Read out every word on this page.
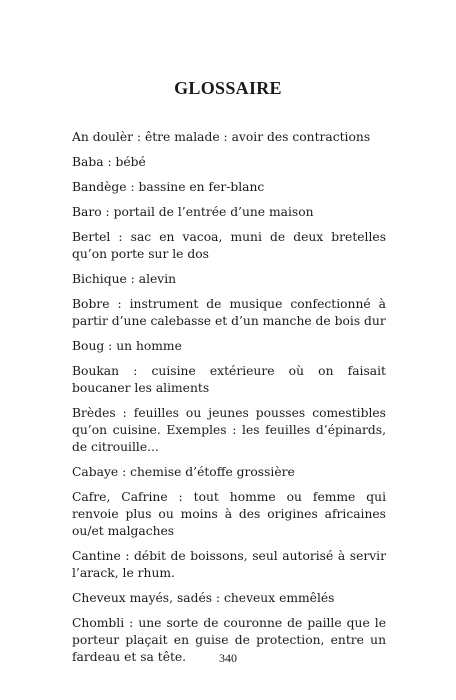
GLOSSAIRE
An doulèr : être malade : avoir des contractions
Baba : bébé
Bandège : bassine en fer-blanc
Baro : portail de l’entrée d’une maison
Bertel : sac en vacoa, muni de deux bretelles qu’on porte sur le dos
Bichique : alevin
Bobre : instrument de musique confectionné à partir d’une calebasse et d’un manche de bois dur
Boug : un homme
Boukan : cuisine extérieure où on faisait boucaner les aliments
Brèdes : feuilles ou jeunes pousses comestibles qu’on cuisine. Exemples : les feuilles d’épinards, de citrouille...
Cabaye : chemise d’étoffe grossière
Cafre, Cafrine : tout homme ou femme qui renvoie plus ou moins à des origines africaines ou/et malgaches
Cantine : débit de boissons, seul autorisé à servir l’arack, le rhum.
Cheveux mayés, sadés : cheveux emmêlés
Chombli : une sorte de couronne de paille que le porteur plaçait en guise de protection, entre un fardeau et sa tête.	340
